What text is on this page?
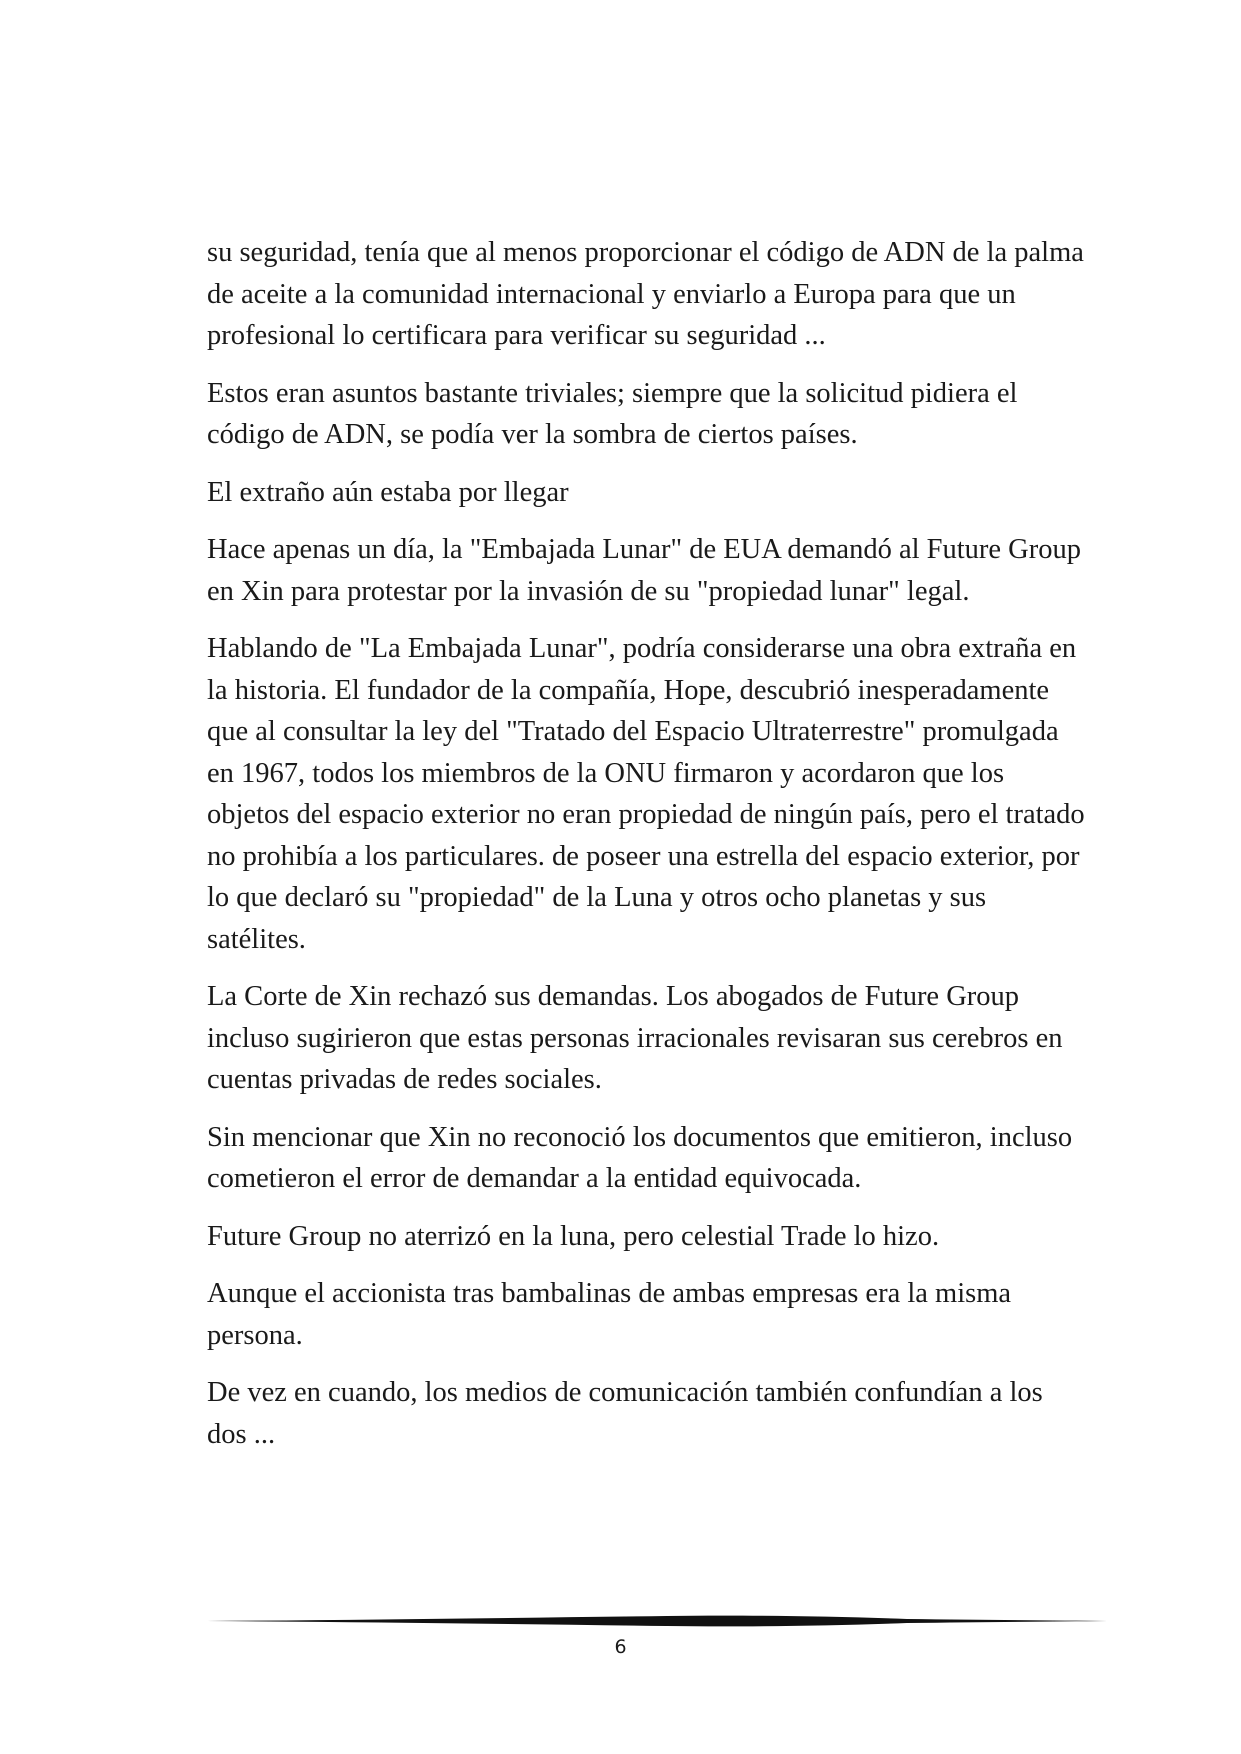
su seguridad, tenía que al menos proporcionar el código de ADN de la palma de aceite a la comunidad internacional y enviarlo a Europa para que un profesional lo certificara para verificar su seguridad ...

Estos eran asuntos bastante triviales; siempre que la solicitud pidiera el código de ADN, se podía ver la sombra de ciertos países.

El extraño aún estaba por llegar

Hace apenas un día, la "Embajada Lunar" de EUA demandó al Future Group en Xin para protestar por la invasión de su "propiedad lunar" legal.

Hablando de "La Embajada Lunar", podría considerarse una obra extraña en la historia. El fundador de la compañía, Hope, descubrió inesperadamente que al consultar la ley del "Tratado del Espacio Ultraterrestre" promulgada en 1967, todos los miembros de la ONU firmaron y acordaron que los objetos del espacio exterior no eran propiedad de ningún país, pero el tratado no prohibía a los particulares. de poseer una estrella del espacio exterior, por lo que declaró su "propiedad" de la Luna y otros ocho planetas y sus satélites.

La Corte de Xin rechazó sus demandas. Los abogados de Future Group incluso sugirieron que estas personas irracionales revisaran sus cerebros en cuentas privadas de redes sociales.

Sin mencionar que Xin no reconoció los documentos que emitieron, incluso cometieron el error de demandar a la entidad equivocada.

Future Group no aterrizó en la luna, pero celestial Trade lo hizo.

Aunque el accionista tras bambalinas de ambas empresas era la misma persona.

De vez en cuando, los medios de comunicación también confundían a los dos ...

6
